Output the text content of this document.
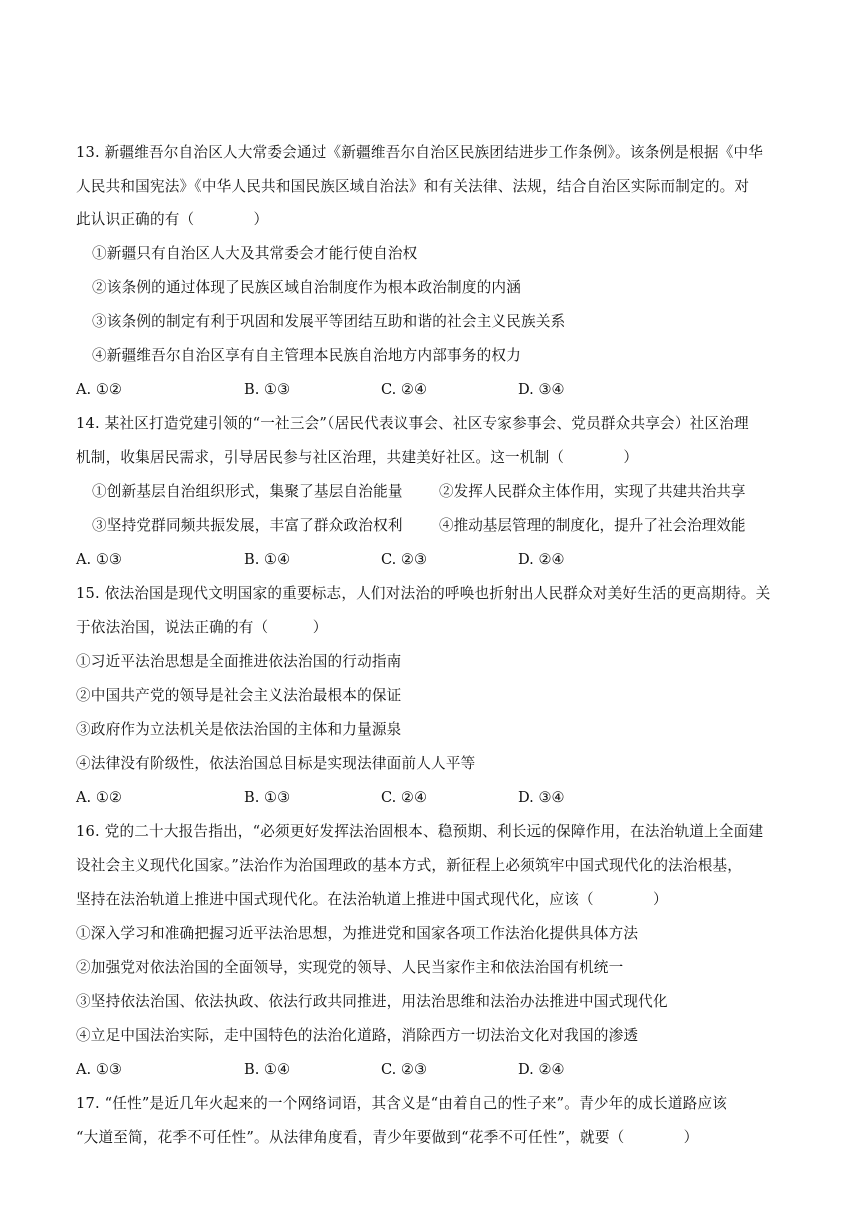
13. 新疆维吾尔自治区人大常委会通过《新疆维吾尔自治区民族团结进步工作条例》。该条例是根据《中华
人民共和国宪法》《中华人民共和国民族区域自治法》和有关法律、法规，结合自治区实际而制定的。对
此认识正确的有（　　　　）
①新疆只有自治区人大及其常委会才能行使自治权
②该条例的通过体现了民族区域自治制度作为根本政治制度的内涵
③该条例的制定有利于巩固和发展平等团结互助和谐的社会主义民族关系
④新疆维吾尔自治区享有自主管理本民族自治地方内部事务的权力
A. ①②	B. ①③	C. ②④	D. ③④
14. 某社区打造党建引领的“一社三会”（居民代表议事会、社区专家参事会、党员群众共享会）社区治理
机制，收集居民需求，引导居民参与社区治理，共建美好社区。这一机制（　　　　）
①创新基层自治组织形式，集聚了基层自治能量	②发挥人民群众主体作用，实现了共建共治共享
③坚持党群同频共振发展，丰富了群众政治权利	④推动基层管理的制度化，提升了社会治理效能
A. ①③	B. ①④	C. ②③	D. ②④
15. 依法治国是现代文明国家的重要标志，人们对法治的呼唤也折射出人民群众对美好生活的更高期待。关
于依法治国，说法正确的有（　　　）
①习近平法治思想是全面推进依法治国的行动指南
②中国共产党的领导是社会主义法治最根本的保证
③政府作为立法机关是依法治国的主体和力量源泉
④法律没有阶级性，依法治国总目标是实现法律面前人人平等
A. ①②	B. ①③	C. ②④	D. ③④
16. 党的二十大报告指出，“必须更好发挥法治固根本、稳预期、利长远的保障作用，在法治轨道上全面建
设社会主义现代化国家。”法治作为治国理政的基本方式，新征程上必须筑牢中国式现代化的法治根基，
坚持在法治轨道上推进中国式现代化。在法治轨道上推进中国式现代化，应该（　　　　）
①深入学习和准确把握习近平法治思想，为推进党和国家各项工作法治化提供具体方法
②加强党对依法治国的全面领导，实现党的领导、人民当家作主和依法治国有机统一
③坚持依法治国、依法执政、依法行政共同推进，用法治思维和法治办法推进中国式现代化
④立足中国法治实际，走中国特色的法治化道路，消除西方一切法治文化对我国的渗透
A. ①③	B. ①④	C. ②③	D. ②④
17. “任性”是近几年火起来的一个网络词语，其含义是“由着自己的性子来”。青少年的成长道路应该
“大道至简，花季不可任性”。从法律角度看，青少年要做到“花季不可任性”，就要（　　　　）
